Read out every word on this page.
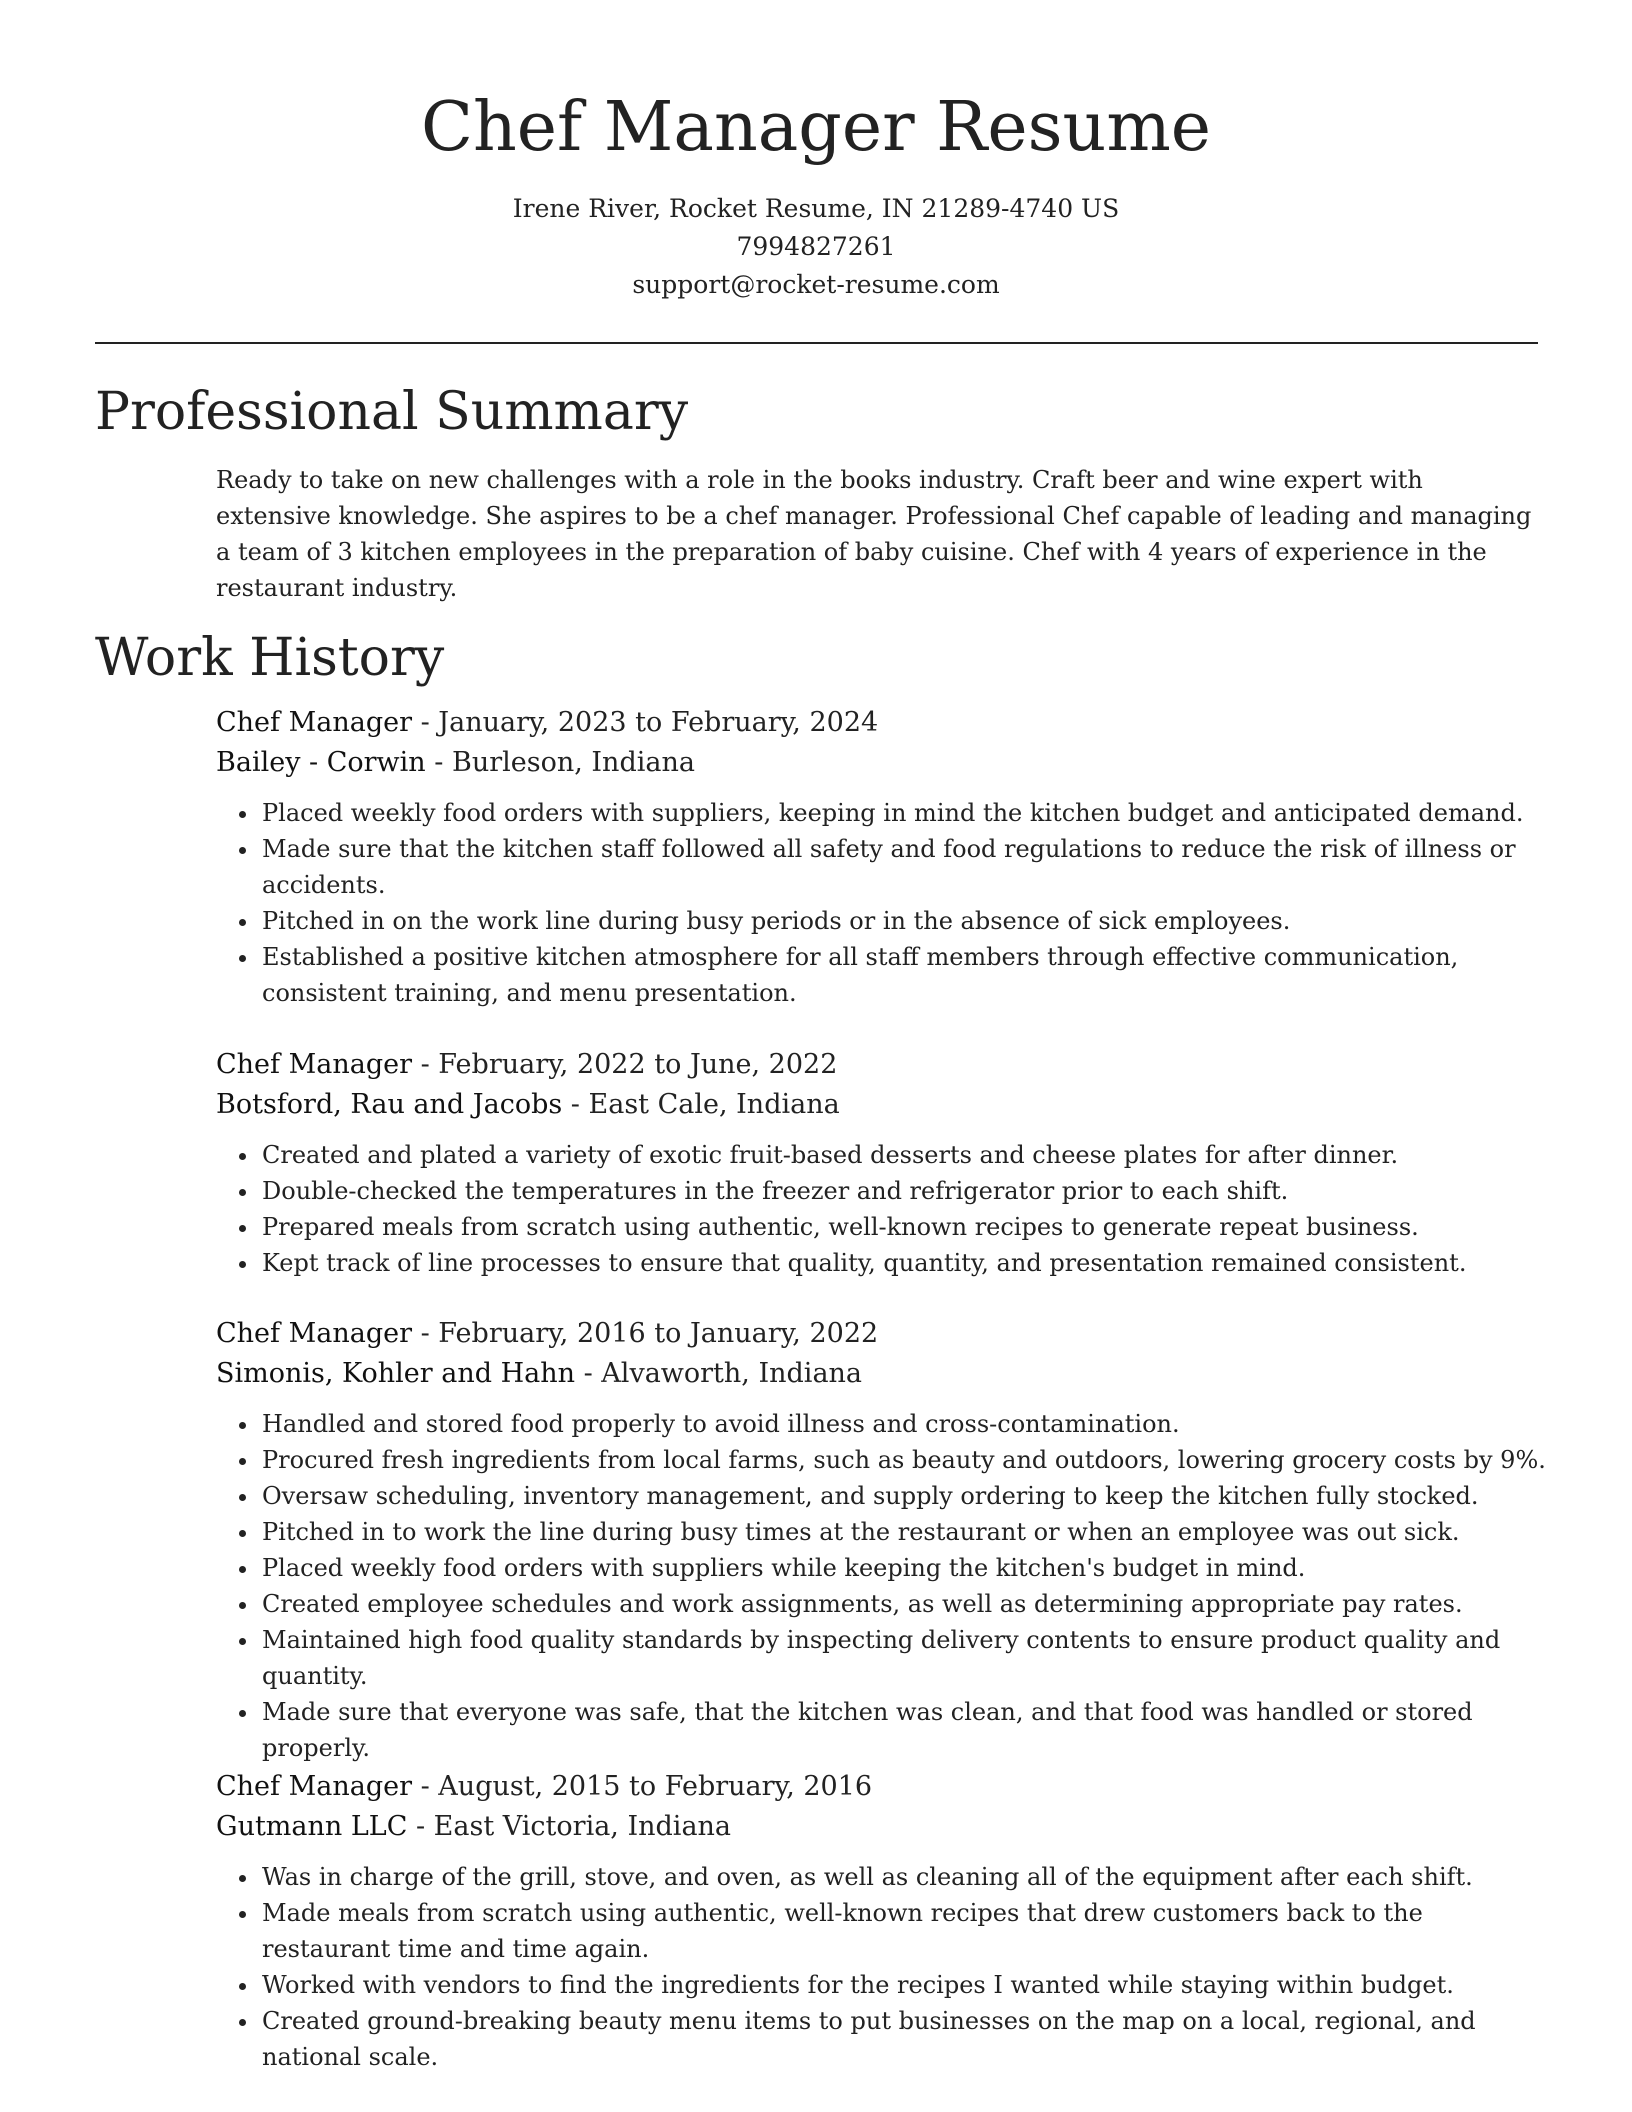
Chef Manager Resume
Irene River, Rocket Resume, IN 21289-4740 US
7994827261
support@rocket-resume.com
Professional Summary

Ready to take on new challenges with a role in the books industry. Craft beer and wine expert with extensive knowledge. She aspires to be a chef manager. Professional Chef capable of leading and managing a team of 3 kitchen employees in the preparation of baby cuisine. Chef with 4 years of experience in the restaurant industry.

Work History

Chef Manager - January, 2023 to February, 2024

Bailey - Corwin - Burleson, Indiana

• Placed weekly food orders with suppliers, keeping in mind the kitchen budget and anticipated demand.
• Made sure that the kitchen staff followed all safety and food regulations to reduce the risk of illness or accidents.
• Pitched in on the work line during busy periods or in the absence of sick employees.
• Established a positive kitchen atmosphere for all staff members through effective communication, consistent training, and menu presentation.

Chef Manager - February, 2022 to June, 2022

Botsford, Rau and Jacobs - East Cale, Indiana

• Created and plated a variety of exotic fruit-based desserts and cheese plates for after dinner.
• Double-checked the temperatures in the freezer and refrigerator prior to each shift.
• Prepared meals from scratch using authentic, well-known recipes to generate repeat business.
• Kept track of line processes to ensure that quality, quantity, and presentation remained consistent.

Chef Manager - February, 2016 to January, 2022

Simonis, Kohler and Hahn - Alvaworth, Indiana

• Handled and stored food properly to avoid illness and cross-contamination.
• Procured fresh ingredients from local farms, such as beauty and outdoors, lowering grocery costs by 9%.
• Oversaw scheduling, inventory management, and supply ordering to keep the kitchen fully stocked.
• Pitched in to work the line during busy times at the restaurant or when an employee was out sick.
• Placed weekly food orders with suppliers while keeping the kitchen's budget in mind.
• Created employee schedules and work assignments, as well as determining appropriate pay rates.
• Maintained high food quality standards by inspecting delivery contents to ensure product quality and quantity.
• Made sure that everyone was safe, that the kitchen was clean, and that food was handled or stored properly.

Chef Manager - August, 2015 to February, 2016

Gutmann LLC - East Victoria, Indiana

• Was in charge of the grill, stove, and oven, as well as cleaning all of the equipment after each shift.
• Made meals from scratch using authentic, well-known recipes that drew customers back to the restaurant time and time again.
• Worked with vendors to find the ingredients for the recipes I wanted while staying within budget.
• Created ground-breaking beauty menu items to put businesses on the map on a local, regional, and national scale.
